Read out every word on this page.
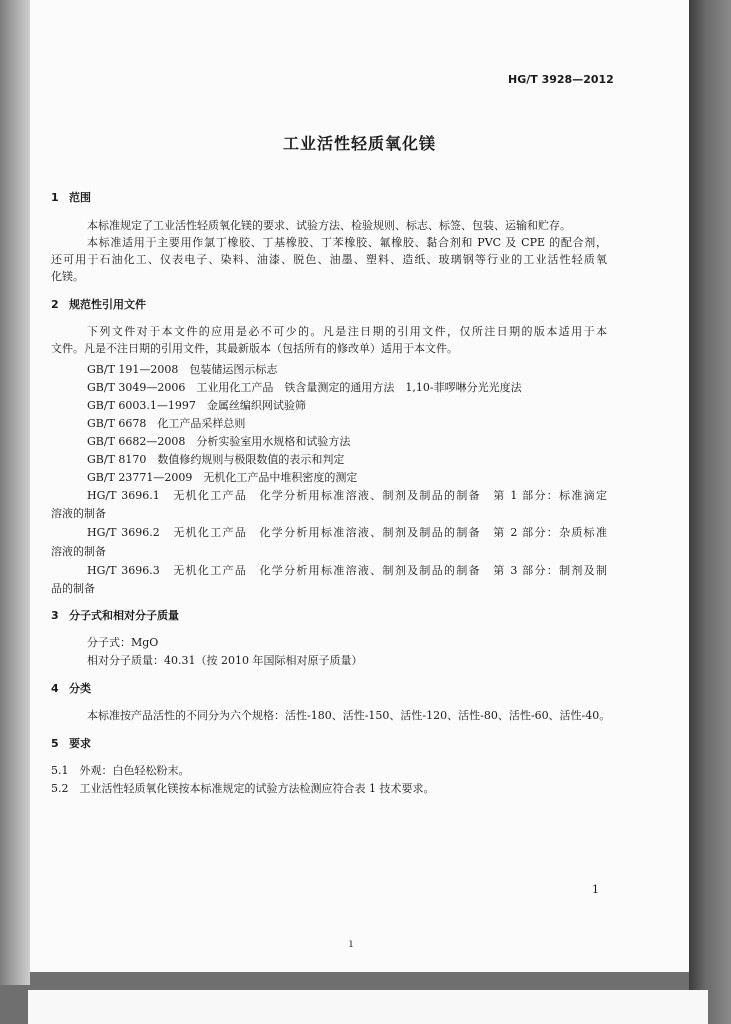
HG/T 3928—2012
工业活性轻质氧化镁
1 范围
本标准规定了工业活性轻质氧化镁的要求、试验方法、检验规则、标志、标签、包装、运输和贮存。
本标准适用于主要用作氯丁橡胶、丁基橡胶、丁苯橡胶、氟橡胶、黏合剂和 PVC 及 CPE 的配合剂，
还可用于石油化工、仪表电子、染料、油漆、脱色、油墨、塑料、造纸、玻璃钢等行业的工业活性轻质氧
化镁。
2 规范性引用文件
下列文件对于本文件的应用是必不可少的。凡是注日期的引用文件，仅所注日期的版本适用于本
文件。凡是不注日期的引用文件，其最新版本（包括所有的修改单）适用于本文件。
GB/T 191—2008　包装储运图示标志
GB/T 3049—2006　工业用化工产品　铁含量测定的通用方法　1,10-菲啰啉分光光度法
GB/T 6003.1—1997　金属丝编织网试验筛
GB/T 6678　化工产品采样总则
GB/T 6682—2008　分析实验室用水规格和试验方法
GB/T 8170　数值修约规则与极限数值的表示和判定
GB/T 23771—2009　无机化工产品中堆积密度的测定
HG/T 3696.1　无机化工产品　化学分析用标准溶液、制剂及制品的制备　第 1 部分：标准滴定
溶液的制备
HG/T 3696.2　无机化工产品　化学分析用标准溶液、制剂及制品的制备　第 2 部分：杂质标准
溶液的制备
HG/T 3696.3　无机化工产品　化学分析用标准溶液、制剂及制品的制备　第 3 部分：制剂及制
品的制备
3 分子式和相对分子质量
分子式：MgO
相对分子质量：40.31（按 2010 年国际相对原子质量）
4 分类
本标准按产品活性的不同分为六个规格：活性-180、活性-150、活性-120、活性-80、活性-60、活性-40。
5 要求
5.1　外观：白色轻松粉末。
5.2　工业活性轻质氧化镁按本标准规定的试验方法检测应符合表 1 技术要求。
1
ı
